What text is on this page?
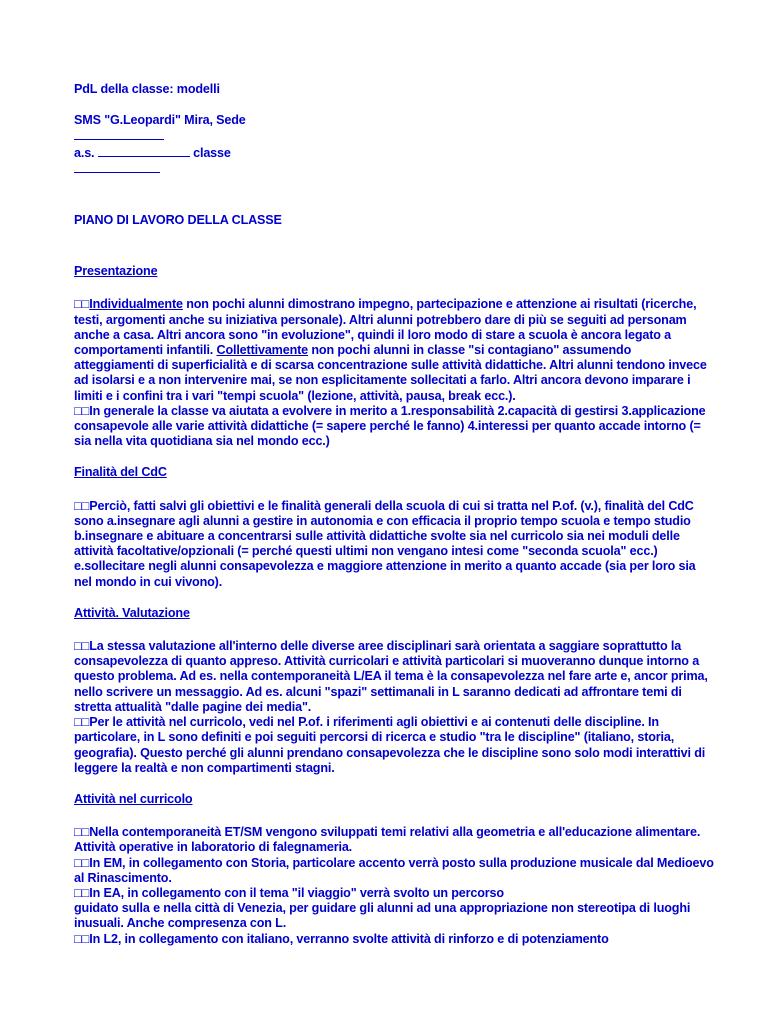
PdL della classe: modelli

SMS "G.Leopardi" Mira, Sede

a.s.	classe

PIANO DI LAVORO DELLA CLASSE

Presentazione

□□Individualmente non pochi alunni dimostrano impegno, partecipazione e attenzione ai risultati (ricerche, testi, argomenti anche su iniziativa personale). Altri alunni potrebbero dare di più se seguiti ad personam anche a casa. Altri ancora sono "in evoluzione", quindi il loro modo di stare a scuola è ancora legato a comportamenti infantili. Collettivamente non pochi alunni in classe "si contagiano" assumendo atteggiamenti di superficialità e di scarsa concentrazione sulle attività didattiche. Altri alunni tendono invece ad isolarsi e a non intervenire mai, se non esplicitamente sollecitati a farlo. Altri ancora devono imparare i limiti e i confini tra i vari "tempi scuola" (lezione, attività, pausa, break ecc.).

□□In generale la classe va aiutata a evolvere in merito a 1.responsabilità 2.capacità di gestirsi 3.applicazione consapevole alle varie attività didattiche (= sapere perché le fanno) 4.interessi per quanto accade intorno (= sia nella vita quotidiana sia nel mondo ecc.)

Finalità del CdC

□□Perciò, fatti salvi gli obiettivi e le finalità generali della scuola di cui si tratta nel P.of. (v.), finalità del CdC sono a.insegnare agli alunni a gestire in autonomia e con efficacia il proprio tempo scuola e tempo studio b.insegnare e abituare a concentrarsi sulle attività didattiche svolte sia nel curricolo sia nei moduli delle attività facoltative/opzionali (= perché questi ultimi non vengano intesi come "seconda scuola" ecc.) e.sollecitare negli alunni consapevolezza e maggiore attenzione in merito a quanto accade (sia per loro sia nel mondo in cui vivono).

Attività. Valutazione

□□La stessa valutazione all'interno delle diverse aree disciplinari sarà orientata a saggiare soprattutto la consapevolezza di quanto appreso. Attività curricolari e attività particolari si muoveranno dunque intorno a questo problema. Ad es. nella contemporaneità L/EA il tema è la consapevolezza nel fare arte e, ancor prima, nello scrivere un messaggio. Ad es. alcuni "spazi" settimanali in L saranno dedicati ad affrontare temi di stretta attualità "dalle pagine dei media".

□□Per le attività nel curricolo, vedi nel P.of. i riferimenti agli obiettivi e ai contenuti delle discipline. In particolare, in L sono definiti e poi seguiti percorsi di ricerca e studio "tra le discipline" (italiano, storia, geografia). Questo perché gli alunni prendano consapevolezza che le discipline sono solo modi interattivi di leggere la realtà e non compartimenti stagni.

Attività nel curricolo

□□Nella contemporaneità ET/SM vengono sviluppati temi relativi alla geometria e all'educazione alimentare. Attività operative in laboratorio di falegnameria.

□□In EM, in collegamento con Storia, particolare accento verrà posto sulla produzione musicale dal Medioevo al Rinascimento.

□□In EA, in collegamento con il tema "il viaggio" verrà svolto un percorso
guidato sulla e nella città di Venezia, per guidare gli alunni ad una appropriazione non stereotipa di luoghi inusuali. Anche compresenza con L.

□□In L2, in collegamento con italiano, verranno svolte attività di rinforzo e di potenziamento
